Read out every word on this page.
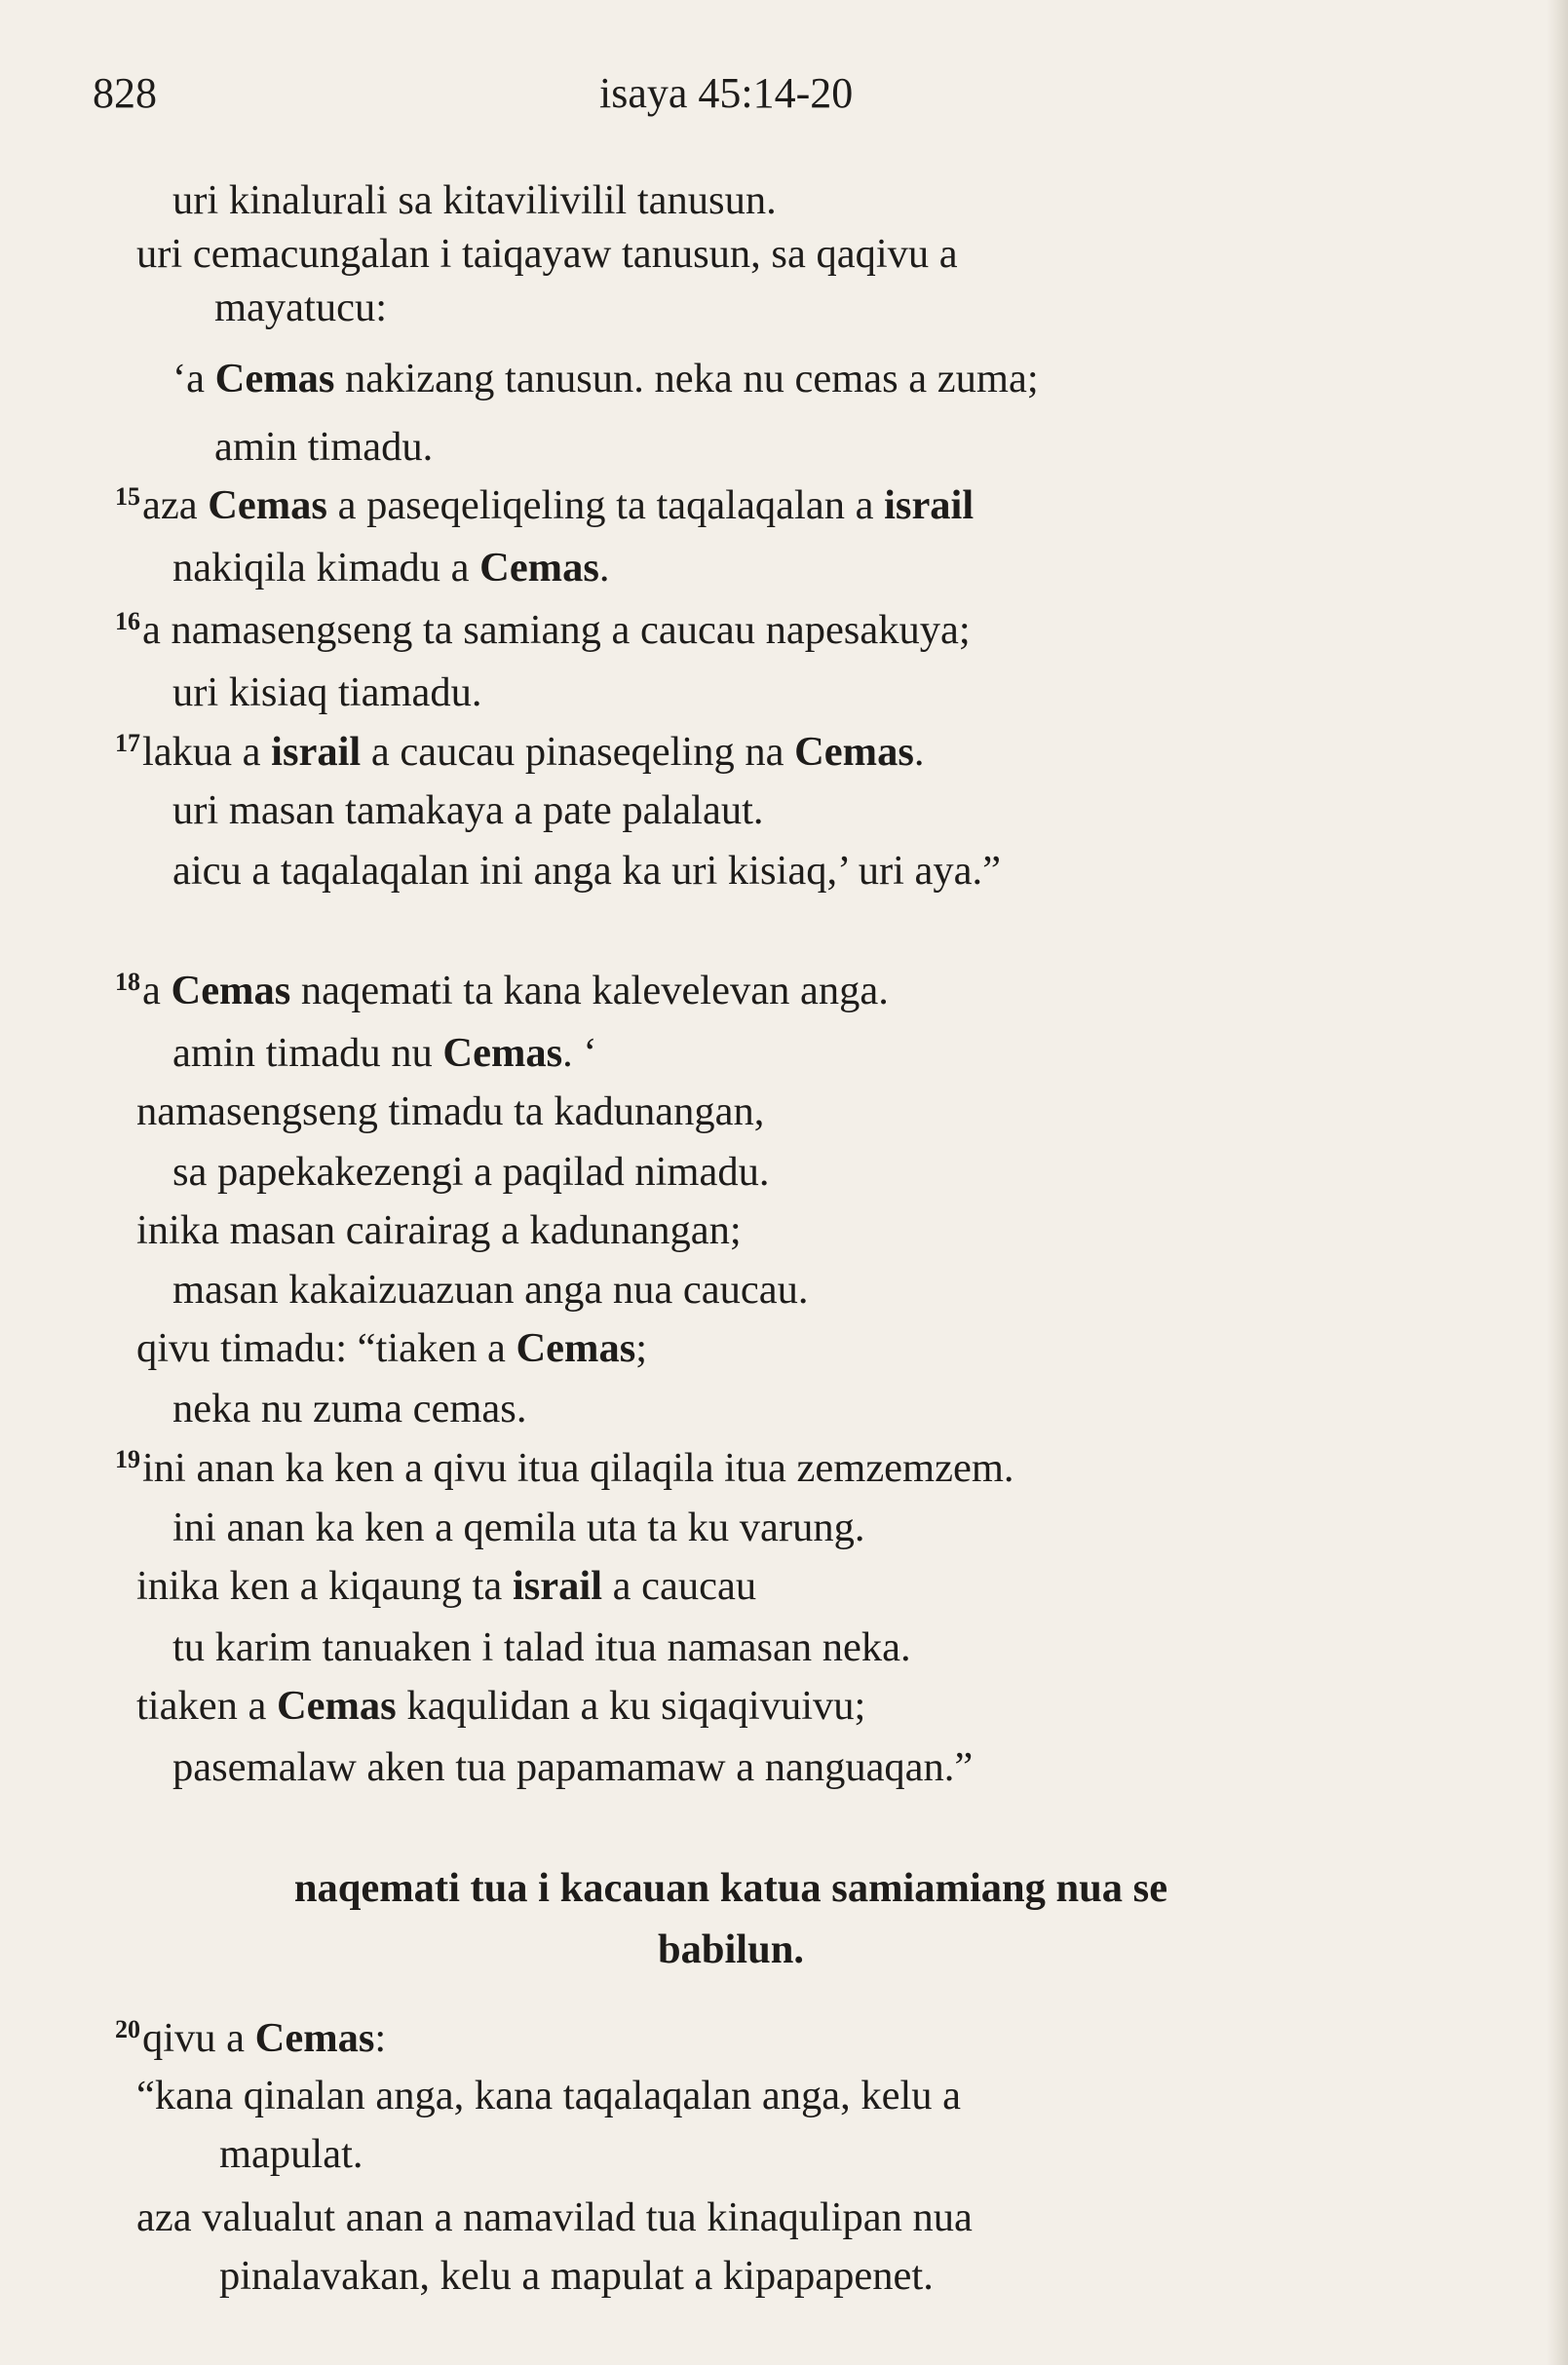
828	isaya 45:14-20
uri kinalurali sa kitavilivilil tanusun.
uri cemacungalan i taiqayaw tanusun, sa qaqivu a
mayatucu:
‘a Cemas nakizang tanusun. neka nu cemas a zuma;
amin timadu.
$^{15}$aza Cemas a paseqeliqeling ta taqalaqalan a israil
nakiqila kimadu a Cemas.
$^{16}$a namasengseng ta samiang a caucau napesakuya;
uri kisiaq tiamadu.
$^{17}$lakua a israil a caucau pinaseqeling na Cemas.
uri masan tamakaya a pate palalaut.
aicu a taqalaqalan ini anga ka uri kisiaq,’ uri aya.”
$^{18}$a Cemas naqemati ta kana kalevelevan anga.
amin timadu nu Cemas. ‘
namasengseng timadu ta kadunangan,
sa papekakezengi a paqilad nimadu.
inika masan cairairag a kadunangan;
masan kakaizuazuan anga nua caucau.
qivu timadu: “tiaken a Cemas;
neka nu zuma cemas.
$^{19}$ini anan ka ken a qivu itua qilaqila itua zemzemzem.
ini anan ka ken a qemila uta ta ku varung.
inika ken a kiqaung ta israil a caucau
tu karim tanuaken i talad itua namasan neka.
tiaken a Cemas kaqulidan a ku siqaqivuivu;
pasemalaw aken tua papamamaw a nanguaqan.”
naqemati tua i kacauan katua samiamiang nua se
babilun.
$^{20}$qivu a Cemas:
“kana qinalan anga, kana taqalaqalan anga, kelu a
mapulat.
aza valualut anan a namavilad tua kinaqulipan nua
pinalavakan, kelu a mapulat a kipapapenet.
